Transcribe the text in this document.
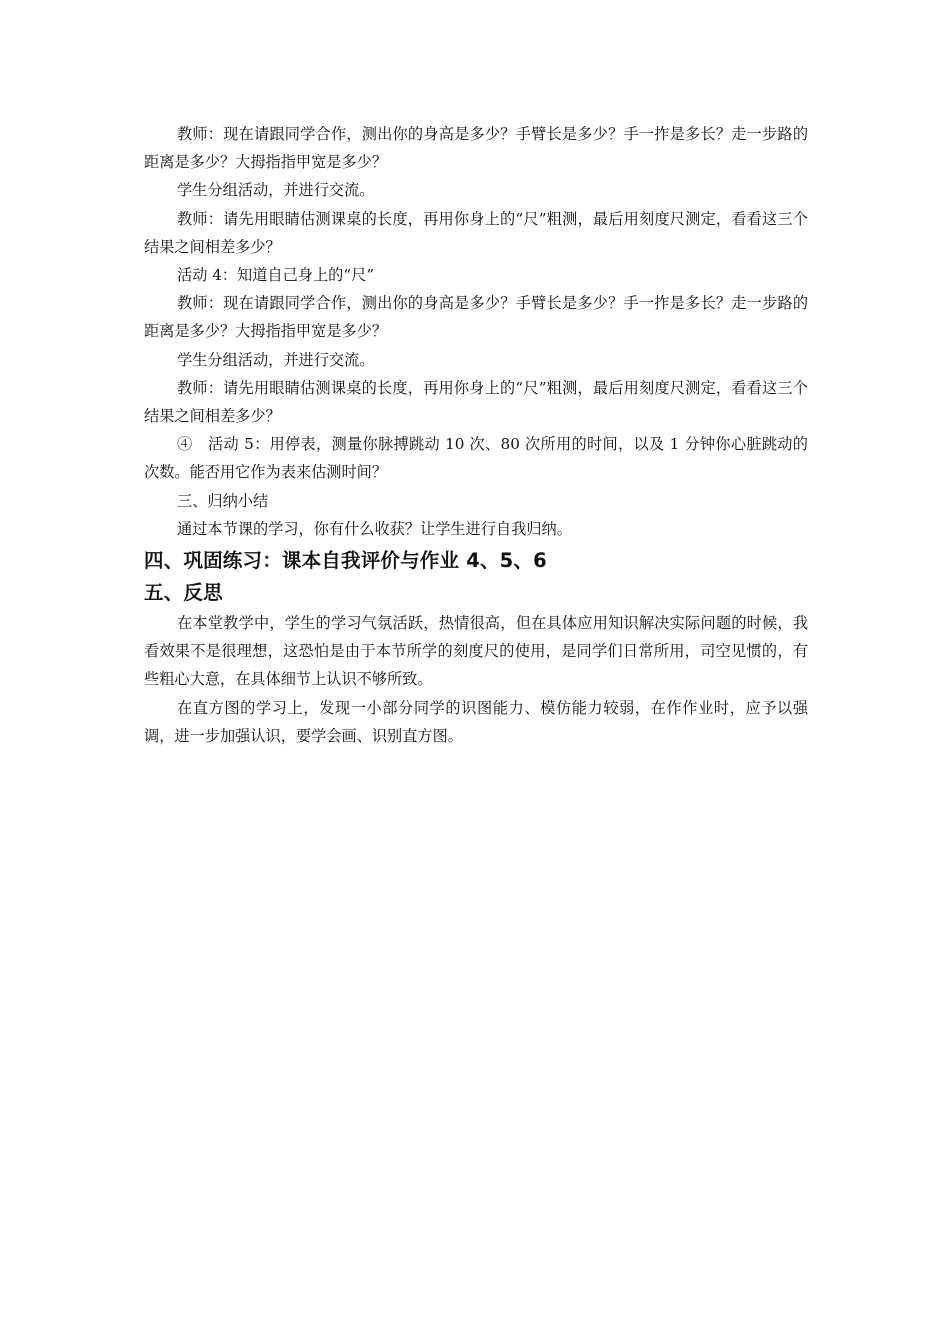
教师：现在请跟同学合作，测出你的身高是多少？手臂长是多少？手一拃是多长？走一步路的距离是多少？大拇指指甲宽是多少？

学生分组活动，并进行交流。

教师：请先用眼睛估测课桌的长度，再用你身上的“尺”粗测，最后用刻度尺测定，看看这三个结果之间相差多少？

活动 4：知道自己身上的“尺”

教师：现在请跟同学合作，测出你的身高是多少？手臂长是多少？手一拃是多长？走一步路的距离是多少？大拇指指甲宽是多少？

学生分组活动，并进行交流。

教师：请先用眼睛估测课桌的长度，再用你身上的“尺”粗测，最后用刻度尺测定，看看这三个结果之间相差多少？

④　活动 5：用停表，测量你脉搏跳动 10 次、80 次所用的时间，以及 1 分钟你心脏跳动的次数。能否用它作为表来估测时间？

三、归纳小结

通过本节课的学习，你有什么收获？让学生进行自我归纳。

四、巩固练习：课本自我评价与作业 4、5、6
五、反思

在本堂教学中，学生的学习气氛活跃，热情很高，但在具体应用知识解决实际问题的时候，我看效果不是很理想，这恐怕是由于本节所学的刻度尺的使用，是同学们日常所用，司空见惯的，有些粗心大意，在具体细节上认识不够所致。

在直方图的学习上，发现一小部分同学的识图能力、模仿能力较弱，在作作业时，应予以强调，进一步加强认识，要学会画、识别直方图。
